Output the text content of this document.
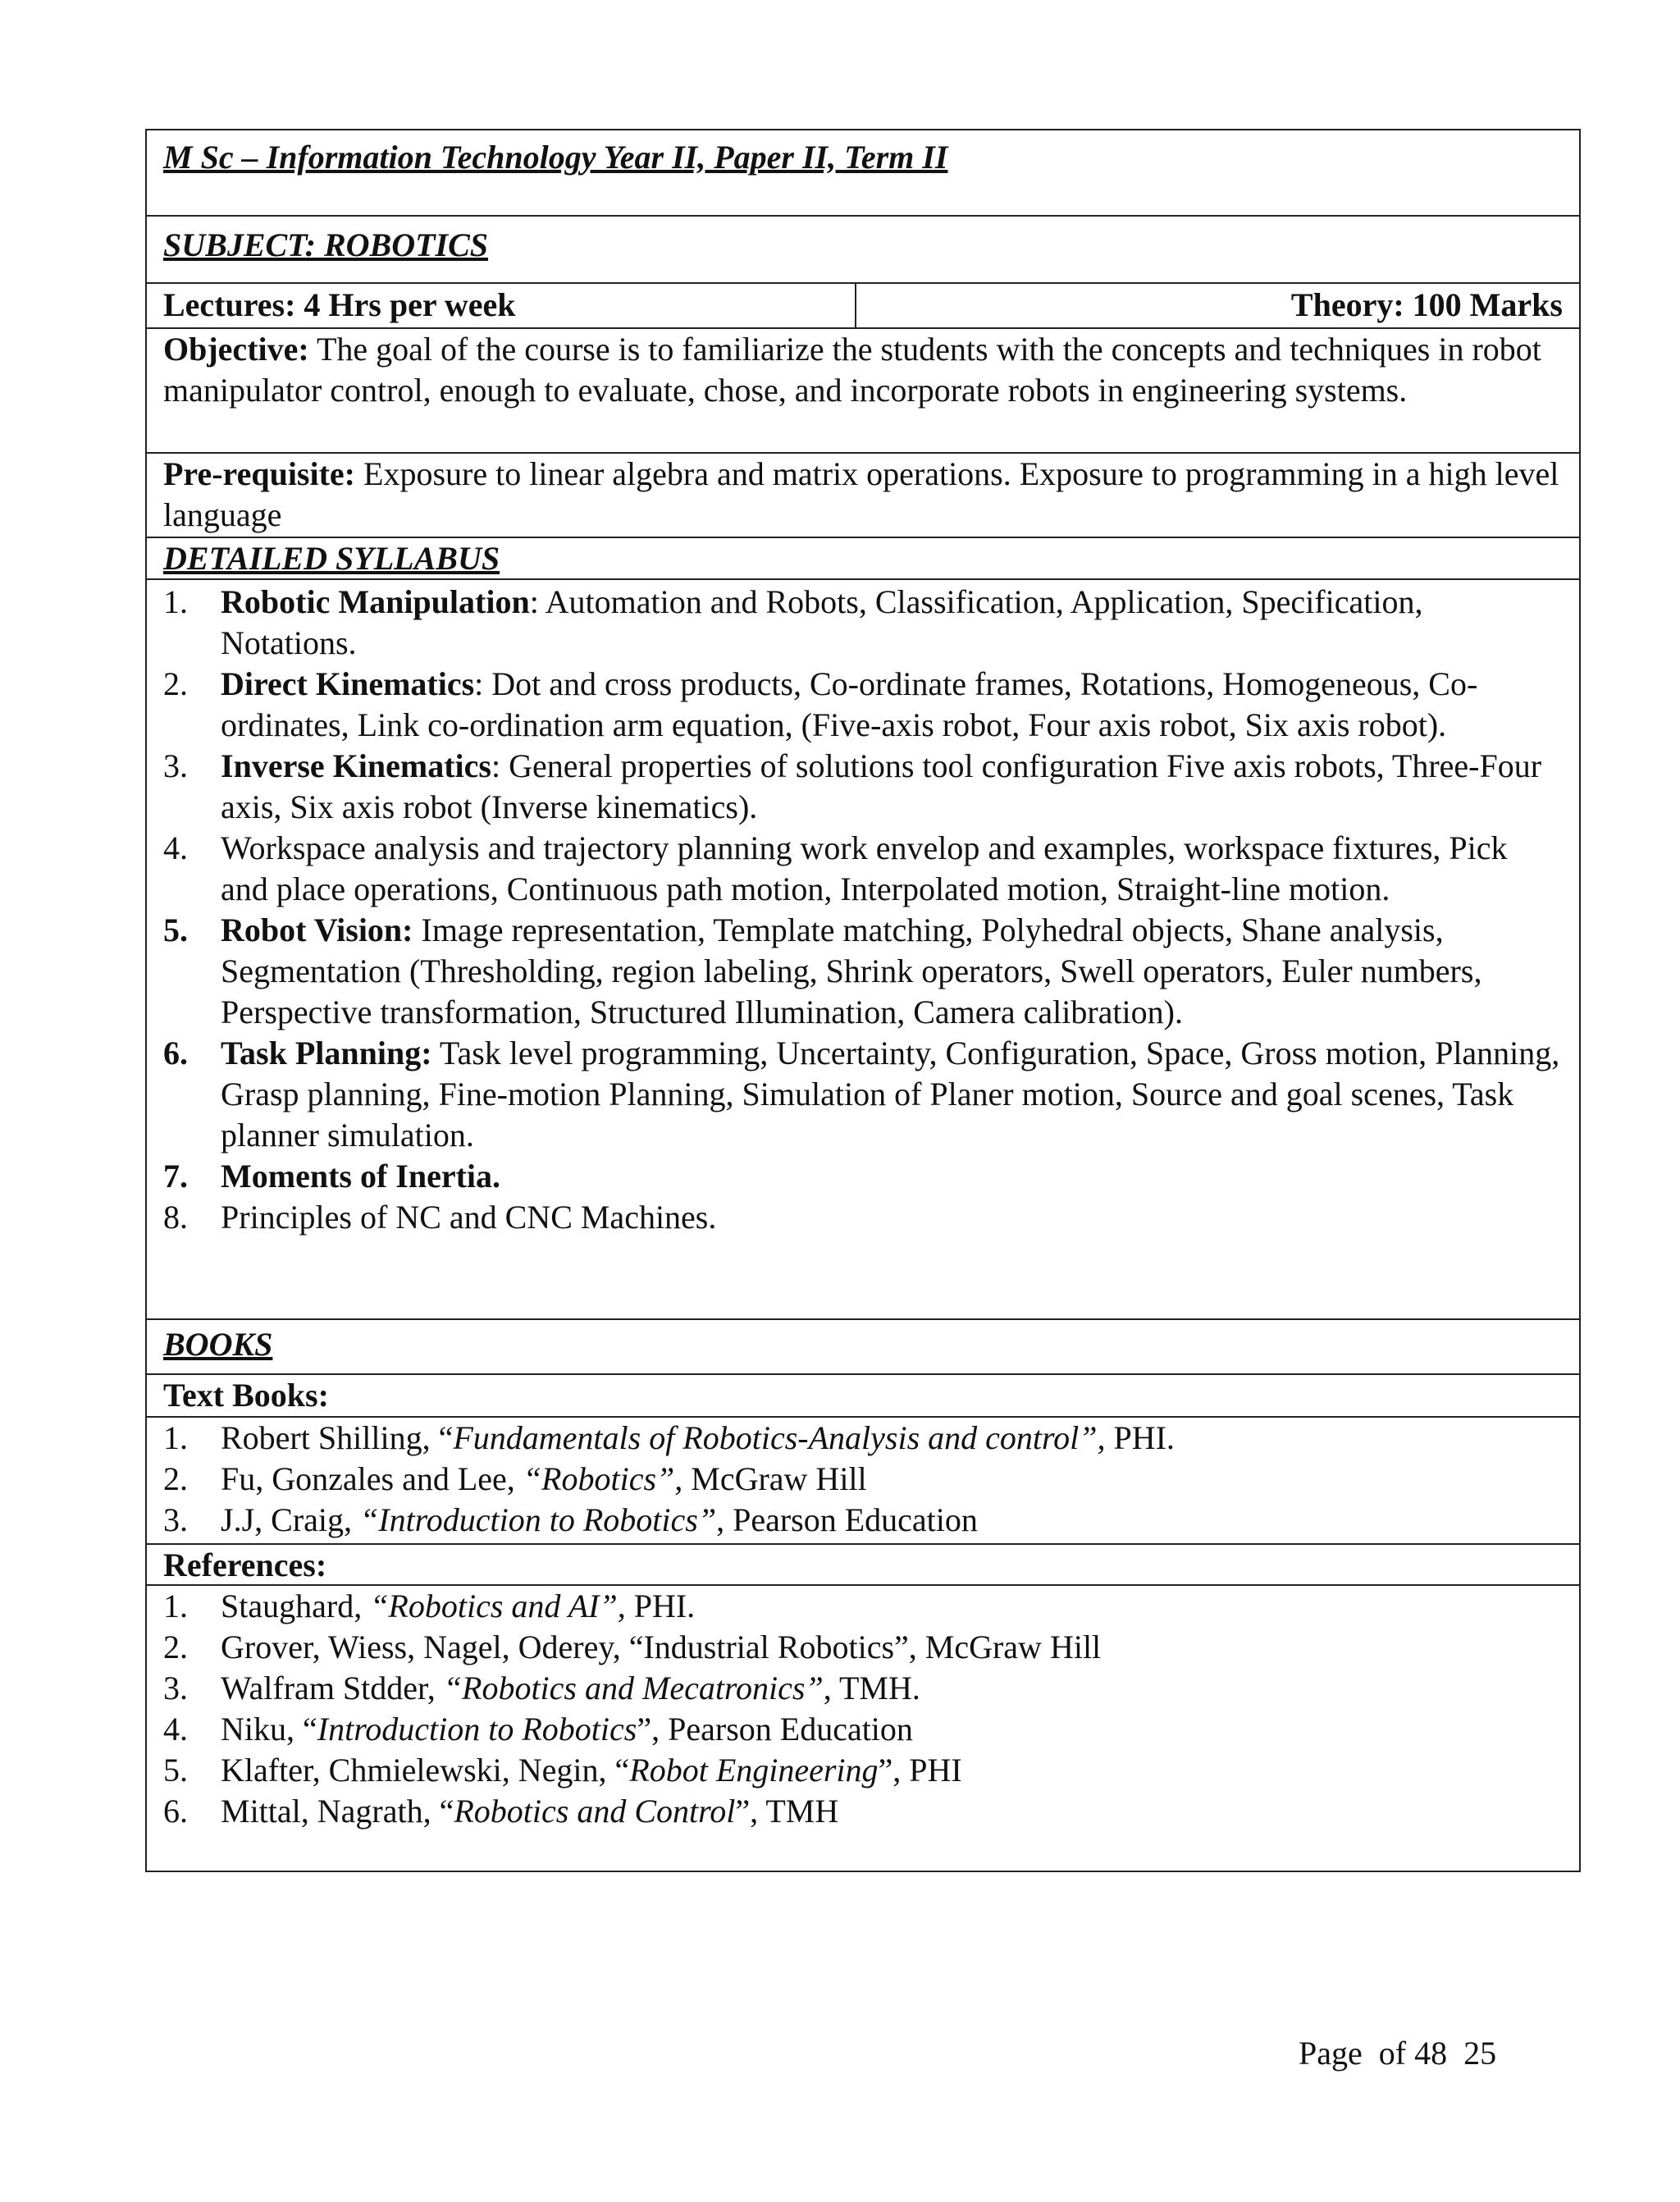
M Sc – Information Technology Year II, Paper II, Term II
SUBJECT: ROBOTICS
Lectures: 4 Hrs per week	Theory: 100 Marks
Objective: The goal of the course is to familiarize the students with the concepts and techniques in robot manipulator control, enough to evaluate, chose, and incorporate robots in engineering systems.
Pre-requisite: Exposure to linear algebra and matrix operations. Exposure to programming in a high level language
DETAILED SYLLABUS
1. Robotic Manipulation: Automation and Robots, Classification, Application, Specification, Notations.
2. Direct Kinematics: Dot and cross products, Co-ordinate frames, Rotations, Homogeneous, Co-ordinates, Link co-ordination arm equation, (Five-axis robot, Four axis robot, Six axis robot).
3. Inverse Kinematics: General properties of solutions tool configuration Five axis robots, Three-Four axis, Six axis robot (Inverse kinematics).
4. Workspace analysis and trajectory planning work envelop and examples, workspace fixtures, Pick and place operations, Continuous path motion, Interpolated motion, Straight-line motion.
5. Robot Vision: Image representation, Template matching, Polyhedral objects, Shane analysis, Segmentation (Thresholding, region labeling, Shrink operators, Swell operators, Euler numbers, Perspective transformation, Structured Illumination, Camera calibration).
6. Task Planning: Task level programming, Uncertainty, Configuration, Space, Gross motion, Planning, Grasp planning, Fine-motion Planning, Simulation of Planer motion, Source and goal scenes, Task planner simulation.
7. Moments of Inertia.
8. Principles of NC and CNC Machines.
BOOKS
Text Books:
1. Robert Shilling, “Fundamentals of Robotics-Analysis and control”, PHI.
2. Fu, Gonzales and Lee, “Robotics”, McGraw Hill
3. J.J, Craig, “Introduction to Robotics”, Pearson Education
References:
1. Staughard, “Robotics and AI”, PHI.
2. Grover, Wiess, Nagel, Oderey, “Industrial Robotics”, McGraw Hill
3. Walfram Stdder, “Robotics and Mecatronics”, TMH.
4. Niku, “Introduction to Robotics”, Pearson Education
5. Klafter, Chmielewski, Negin, “Robot Engineering”, PHI
6. Mittal, Nagrath, “Robotics and Control”, TMH
Page  of 48  25
